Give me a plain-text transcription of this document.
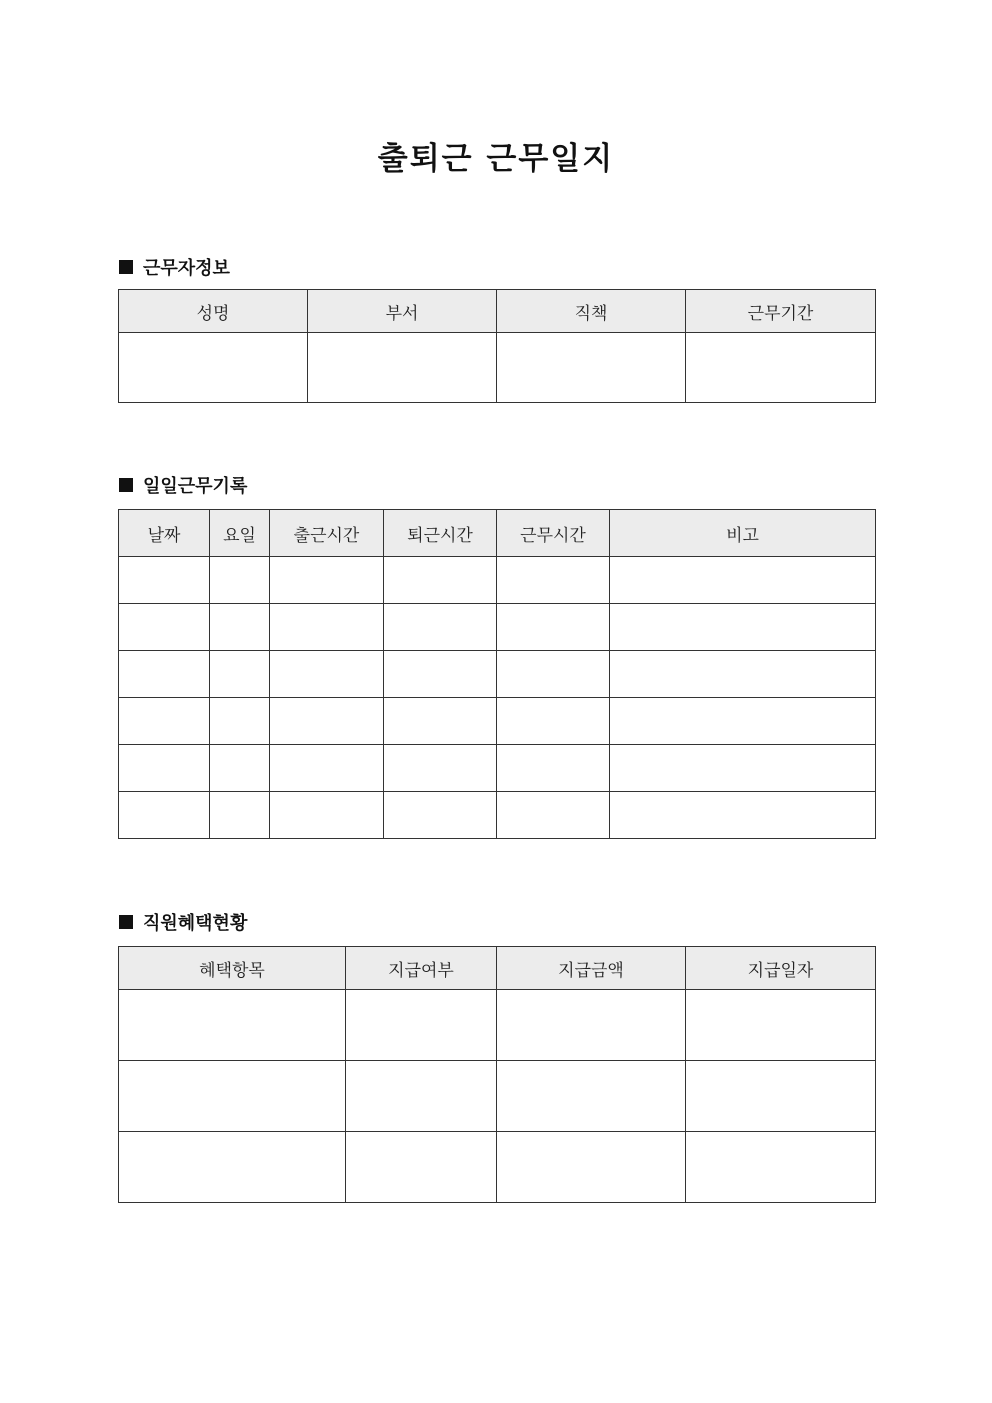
출퇴근 근무일지
근무자정보
성명	부서	직책	근무기간

일일근무기록
날짜	요일	출근시간	퇴근시간	근무시간	비고

직원혜택현황
혜택항목	지급여부	지급금액	지급일자
